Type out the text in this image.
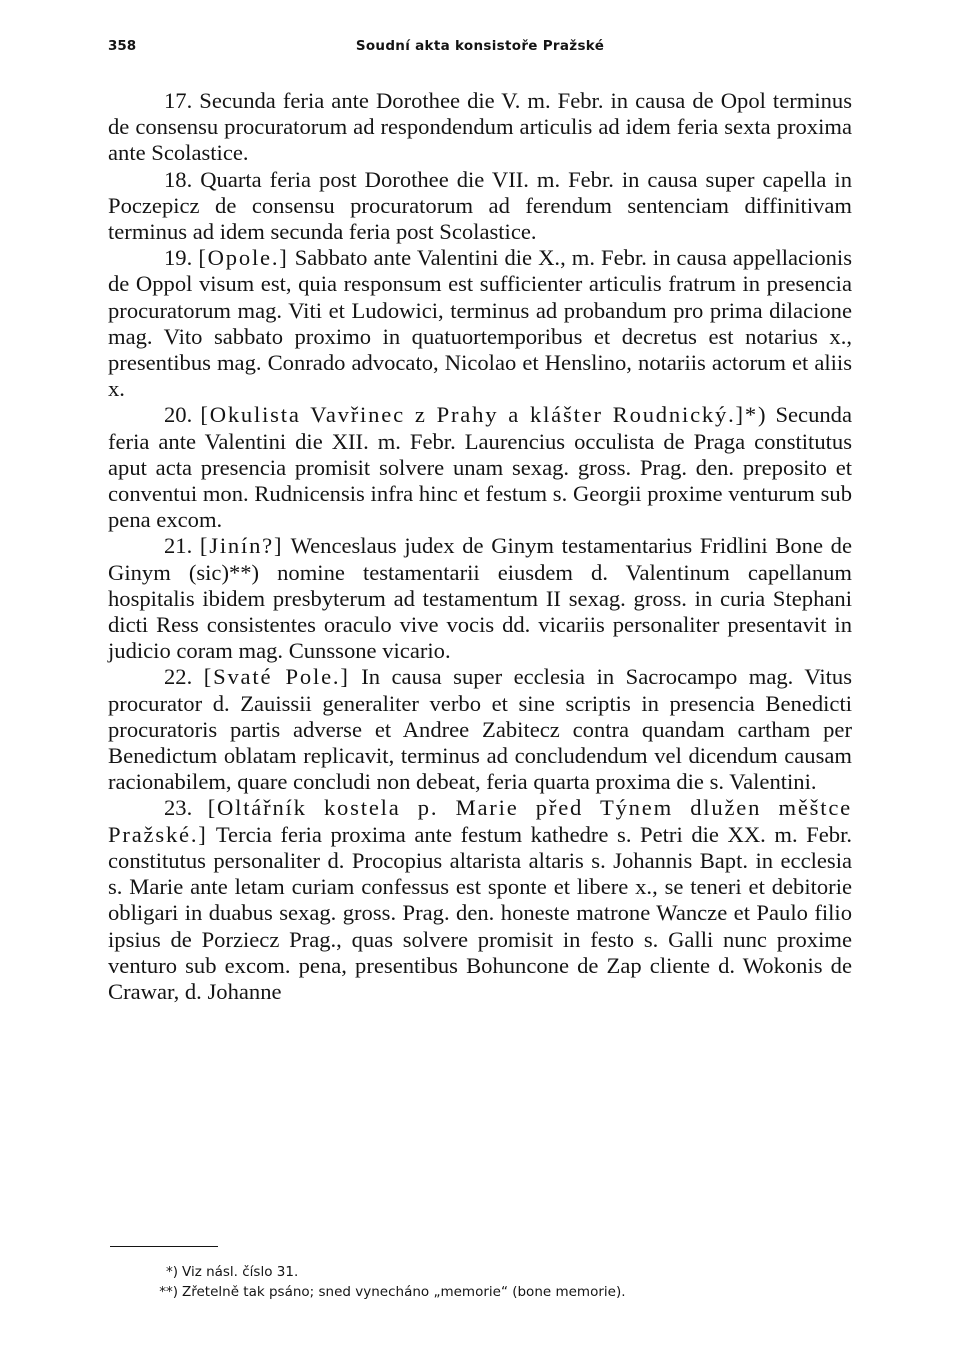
358	Soudní akta konsistoře Pražské

17. Secunda feria ante Dorothee die V. m. Febr. in causa de Opol terminus de consensu procuratorum ad respondendum articulis ad idem feria sexta proxima ante Scolastice.

18. Quarta feria post Dorothee die VII. m. Febr. in causa super capella in Poczepicz de consensu procuratorum ad ferendum sentenciam diffinitivam terminus ad idem secunda feria post Scolastice.

19. [Opole.] Sabbato ante Valentini die X., m. Febr. in causa appellacionis de Oppol visum est, quia responsum est sufficienter articulis fratrum in presencia procuratorum mag. Viti et Ludowici, terminus ad probandum pro prima dilacione mag. Vito sabbato proximo in quatuortemporibus et decretus est notarius x., presentibus mag. Conrado advocato, Nicolao et Henslino, notariis actorum et aliis x.

20. [Okulista Vavřinec z Prahy a klášter Roudnický.]*) Secunda feria ante Valentini die XII. m. Febr. Laurencius occulista de Praga constitutus aput acta presencia promisit solvere unam sexag. gross. Prag. den. preposito et conventui mon. Rudnicensis infra hinc et festum s. Georgii proxime venturum sub pena excom.

21. [Jinín?] Wenceslaus judex de Ginym testamentarius Fridlini Bone de Ginym (sic)**) nomine testamentarii eiusdem d. Valentinum capellanum hospitalis ibidem presbyterum ad testamentum II sexag. gross. in curia Stephani dicti Ress consistentes oraculo vive vocis dd. vicariis personaliter presentavit in judicio coram mag. Cunssone vicario.

22. [Svaté Pole.] In causa super ecclesia in Sacrocampo mag. Vitus procurator d. Zauissii generaliter verbo et sine scriptis in presencia Benedicti procuratoris partis adverse et Andree Zabitecz contra quandam cartham per Benedictum oblatam replicavit, terminus ad concludendum vel dicendum causam racionabilem, quare concludi non debeat, feria quarta proxima die s. Valentini.

23. [Oltářník kostela p. Marie před Týnem dlužen měštce Pražské.] Tercia feria proxima ante festum kathedre s. Petri die XX. m. Febr. constitutus personaliter d. Procopius altarista altaris s. Johannis Bapt. in ecclesia s. Marie ante letam curiam confessus est sponte et libere x., se teneri et debitorie obligari in duabus sexag. gross. Prag. den. honeste matrone Wancze et Paulo filio ipsius de Porziecz Prag., quas solvere promisit in festo s. Galli nunc proxime venturo sub excom. pena, presentibus Bohuncone de Zap cliente d. Wokonis de Crawar, d. Johanne

*) Viz násl. číslo 31.

**) Zřetelně tak psáno; sned vynecháno „memorie“ (bone memorie).
